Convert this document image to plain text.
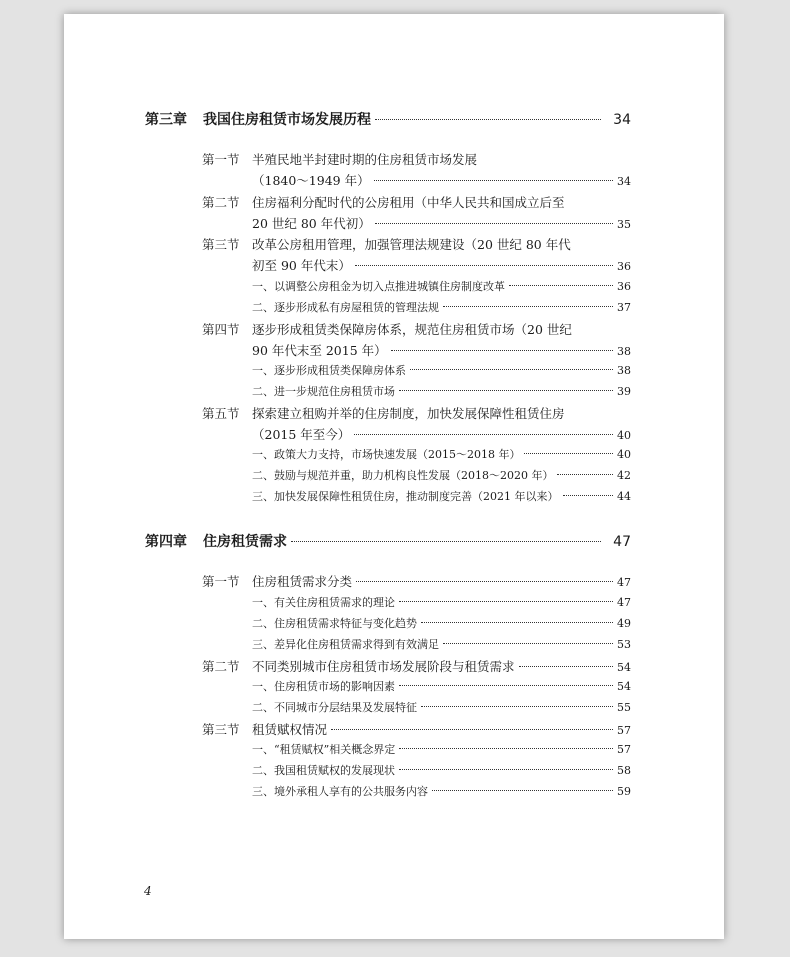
第三章	我国住房租赁市场发展历程	34
第一节 半殖民地半封建时期的住房租赁市场发展
（1840～1949 年）	34
第二节 住房福利分配时代的公房租用（中华人民共和国成立后至
20 世纪 80 年代初）	35
第三节 改革公房租用管理，加强管理法规建设（20 世纪 80 年代
初至 90 年代末）	36
一、以调整公房租金为切入点推进城镇住房制度改革	36
二、逐步形成私有房屋租赁的管理法规	37
第四节 逐步形成租赁类保障房体系，规范住房租赁市场（20 世纪
90 年代末至 2015 年）	38
一、逐步形成租赁类保障房体系	38
二、进一步规范住房租赁市场	39
第五节 探索建立租购并举的住房制度，加快发展保障性租赁住房
（2015 年至今）	40
一、政策大力支持，市场快速发展（2015～2018 年）	40
二、鼓励与规范并重，助力机构良性发展（2018～2020 年）	42
三、加快发展保障性租赁住房，推动制度完善（2021 年以来）	44
第四章	住房租赁需求	47
第一节 住房租赁需求分类	47
一、有关住房租赁需求的理论	47
二、住房租赁需求特征与变化趋势	49
三、差异化住房租赁需求得到有效满足	53
第二节 不同类别城市住房租赁市场发展阶段与租赁需求	54
一、住房租赁市场的影响因素	54
二、不同城市分层结果及发展特征	55
第三节 租赁赋权情况	57
一、“租赁赋权”相关概念界定	57
二、我国租赁赋权的发展现状	58
三、境外承租人享有的公共服务内容	59
4
